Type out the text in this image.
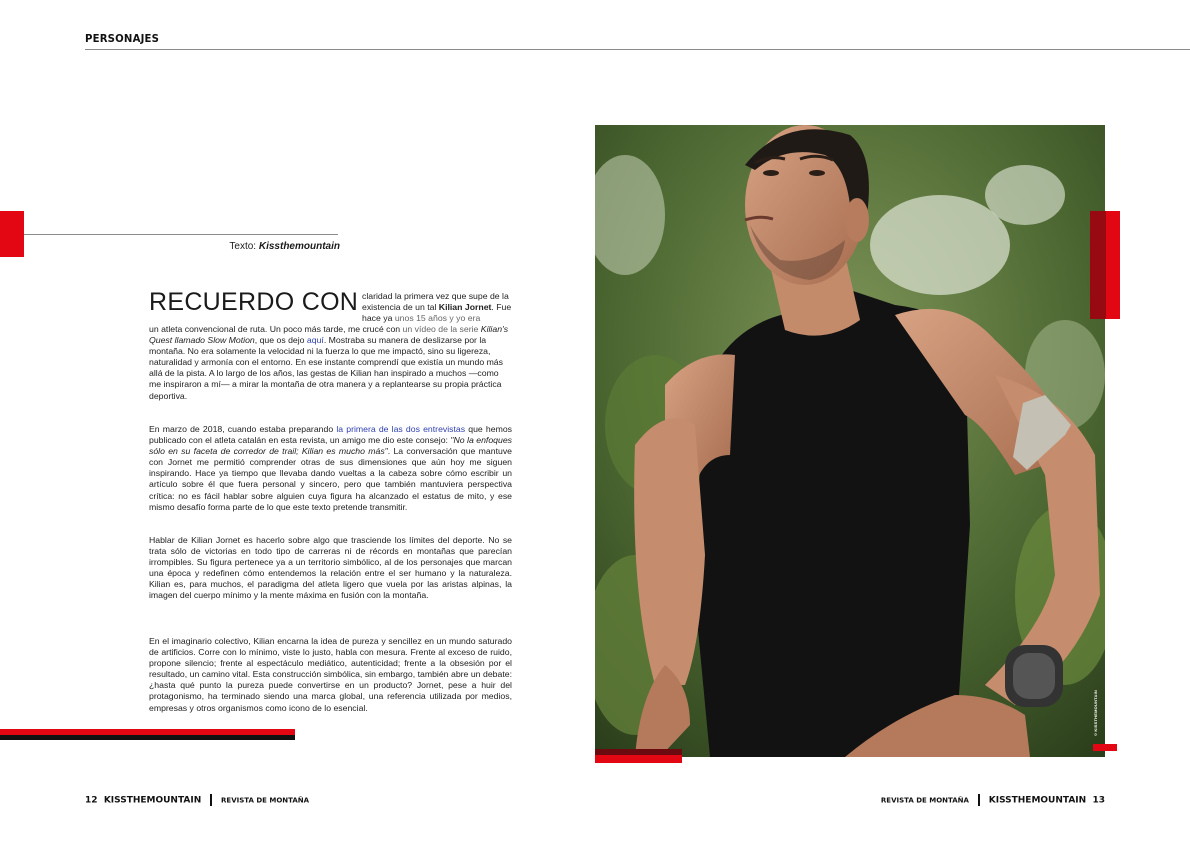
PERSONAJES
Texto: Kissthemountain
RECUERDO CON claridad la primera vez que supe de la existencia de un tal Kilian Jornet. Fue hace ya unos 15 años y yo era
un atleta convencional de ruta. Un poco más tarde, me crucé con un vídeo de la serie Kilian's Quest llamado Slow Motion, que os dejo aquí. Mostraba su manera de deslizarse por la montaña. No era solamente la velocidad ni la fuerza lo que me impactó, sino su ligereza, naturalidad y armonía con el entorno. En ese instante comprendí que existía un mundo más allá de la pista. A lo largo de los años, las gestas de Kilian han inspirado a muchos —como me inspiraron a mí— a mirar la montaña de otra manera y a replantearse su propia práctica deportiva.
En marzo de 2018, cuando estaba preparando la primera de las dos entrevistas que hemos publicado con el atleta catalán en esta revista, un amigo me dio este consejo: "No la enfoques sólo en su faceta de corredor de trail; Kilian es mucho más". La conversación que mantuve con Jornet me permitió comprender otras de sus dimensiones que aún hoy me siguen inspirando. Hace ya tiempo que llevaba dando vueltas a la cabeza sobre cómo escribir un artículo sobre él que fuera personal y sincero, pero que también mantuviera perspectiva crítica: no es fácil hablar sobre alguien cuya figura ha alcanzado el estatus de mito, y ese mismo desafío forma parte de lo que este texto pretende transmitir.
Hablar de Kilian Jornet es hacerlo sobre algo que trasciende los límites del deporte. No se trata sólo de victorias en todo tipo de carreras ni de récords en montañas que parecían irrompibles. Su figura pertenece ya a un territorio simbólico, al de los personajes que marcan una época y redefinen cómo entendemos la relación entre el ser humano y la naturaleza. Kilian es, para muchos, el paradigma del atleta ligero que vuela por las aristas alpinas, la imagen del cuerpo mínimo y la mente máxima en fusión con la montaña.
En el imaginario colectivo, Kilian encarna la idea de pureza y sencillez en un mundo saturado de artificios. Corre con lo mínimo, viste lo justo, habla con mesura. Frente al exceso de ruido, propone silencio; frente al espectáculo mediático, autenticidad; frente a la obsesión por el resultado, un camino vital. Esta construcción simbólica, sin embargo, también abre un debate: ¿hasta qué punto la pureza puede convertirse en un producto? Jornet, pese a huir del protagonismo, ha terminado siendo una marca global, una referencia utilizada por medios, empresas y otros organismos como icono de lo esencial.	©KISSTHEMOUNTAIN
12 KISSTHEMOUNTAIN	REVISTA DE MONTAÑA	REVISTA DE MONTAÑA KISSTHEMOUNTAIN 13
